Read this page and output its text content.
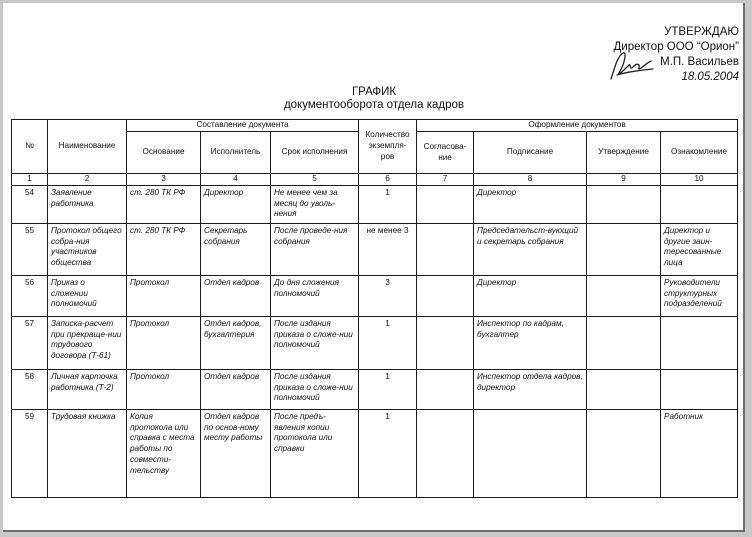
УТВЕРЖДАЮ
Директор ООО “Орион”
М.П. Васильев
18.05.2004
ГРАФИК
документооборота отдела кадров
№	Наименование	Составление документа			Количество экземпля-ров	Оформление документов			
		Основание	Исполнитель	Срок исполнения		Согласова-ние	Подписание	Утверждение	Ознакомление
1	2	3	4	5	6	7	8	9	10
54	Заявление работника	ст. 280 ТК РФ	Директор	Не менее чем за месяц до уволь-нения	1		Директор		
55	Протокол общего собра-ния участников общества	ст. 280 ТК РФ	Секретарь собрания	После проведе-ния собрания	не менее 3		Председательст-вующий и секретарь собрания		Директор и другие заин-тересованные лица
56	Приказ о сложении полномочий	Протокол	Отдел кадров	До дня сложения полномочий	3		Директор		Руководители структурных подразделений
57	Записка-расчет при прекраще-нии трудового договора (Т-61)	Протокол	Отдел кадров, бухгалтерия	После издания приказа о сложе-нии полномочий	1		Инспектор по кадрам, бухгалтер		
58	Личная карточка работника (Т-2)	Протокол	Отдел кадров	После издания приказа о сложе-нии полномочий	1		Инспектор отдела кадров, директор		
59	Трудовая книжка	Копия протокола или справка с места работы по совмести-тельству	Отдел кадров по основ-ному месту работы	После предъ-явления копии протокола или справки	1				Работник
